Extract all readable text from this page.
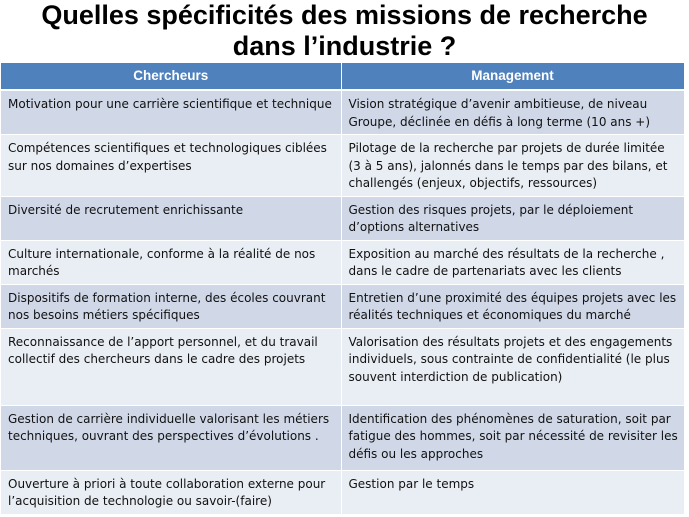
Quelles spécificités des missions de recherche
dans l’industrie ?
Chercheurs	Management

Motivation pour une carrière scientifique et technique	Vision stratégique d’avenir ambitieuse, de niveau Groupe, déclinée en défis à long terme (10 ans +)

Compétences scientifiques et technologiques ciblées sur nos domaines d’expertises	Pilotage de la recherche par projets de durée limitée (3 à 5 ans), jalonnés dans le temps par des bilans, et challengés (enjeux, objectifs, ressources)

Diversité de recrutement enrichissante	Gestion des risques projets, par le déploiement d’options alternatives

Culture internationale, conforme à la réalité de nos marchés	Exposition au marché des résultats de la recherche , dans le cadre de partenariats avec les clients

Dispositifs de formation interne, des écoles couvrant nos besoins métiers spécifiques	Entretien d’une proximité des équipes projets avec les réalités techniques et économiques du marché

Reconnaissance de l’apport personnel, et du travail collectif des chercheurs dans le cadre des projets	Valorisation des résultats projets et des engagements individuels, sous contrainte de confidentialité (le plus souvent interdiction de publication)

Gestion de carrière individuelle valorisant les métiers techniques, ouvrant des perspectives d’évolutions .	Identification des phénomènes de saturation, soit par fatigue des hommes, soit par nécessité de revisiter les défis ou les approches

Ouverture à priori à toute collaboration externe pour l’acquisition de technologie ou savoir-(faire)	Gestion par le temps
